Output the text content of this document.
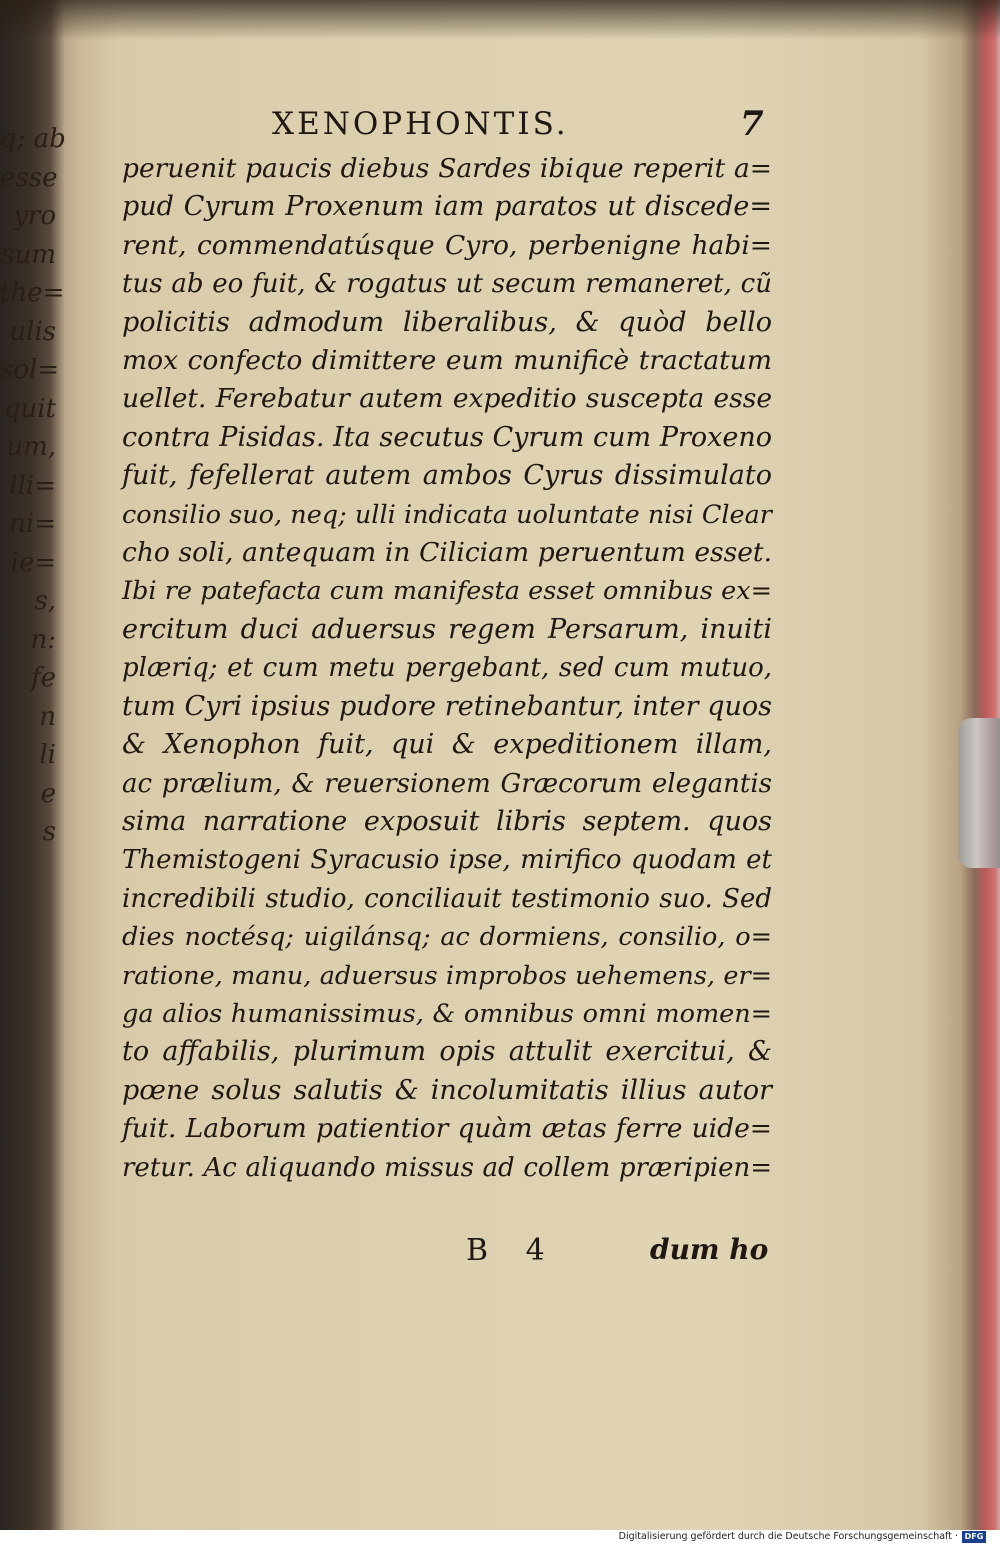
q; ab
esse
yro
sum
the=
ulis
sol=
quit
um,
lli=
ni=
ie=
s,
n:
fe
n
li
e
s
XENOPHONTIS.	7
peruenit paucis diebus Sardes ibique reperit a=
pud Cyrum Proxenum iam paratos ut discede=
rent, commendatúsque Cyro, perbenigne habi=
tus ab eo fuit, & rogatus ut secum remaneret, cũ
policitis admodum liberalibus, & quòd bello
mox confecto dimittere eum munificè tractatum
uellet. Ferebatur autem expeditio suscepta esse
contra Pisidas. Ita secutus Cyrum cum Proxeno
fuit, fefellerat autem ambos Cyrus dissimulato
consilio suo, neq; ulli indicata uoluntate nisi Clear
cho soli, antequam in Ciliciam peruentum esset.
Ibi re patefacta cum manifesta esset omnibus ex=
ercitum duci aduersus regem Persarum, inuiti
plæriq; et cum metu pergebant, sed cum mutuo,
tum Cyri ipsius pudore retinebantur, inter quos
& Xenophon fuit, qui & expeditionem illam,
ac prælium, & reuersionem Græcorum elegantis
sima narratione exposuit libris septem. quos
Themistogeni Syracusio ipse, mirifico quodam et
incredibili studio, conciliauit testimonio suo. Sed
dies noctésq; uigilánsq; ac dormiens, consilio, o=
ratione, manu, aduersus improbos uehemens, er=
ga alios humanissimus, & omnibus omni momen=
to affabilis, plurimum opis attulit exercitui, &
pœne solus salutis & incolumitatis illius autor
fuit. Laborum patientior quàm ætas ferre uide=
retur. Ac aliquando missus ad collem præripien=
B 4	dum ho
Digitalisierung gefördert durch die Deutsche Forschungsgemeinschaft · DFG
